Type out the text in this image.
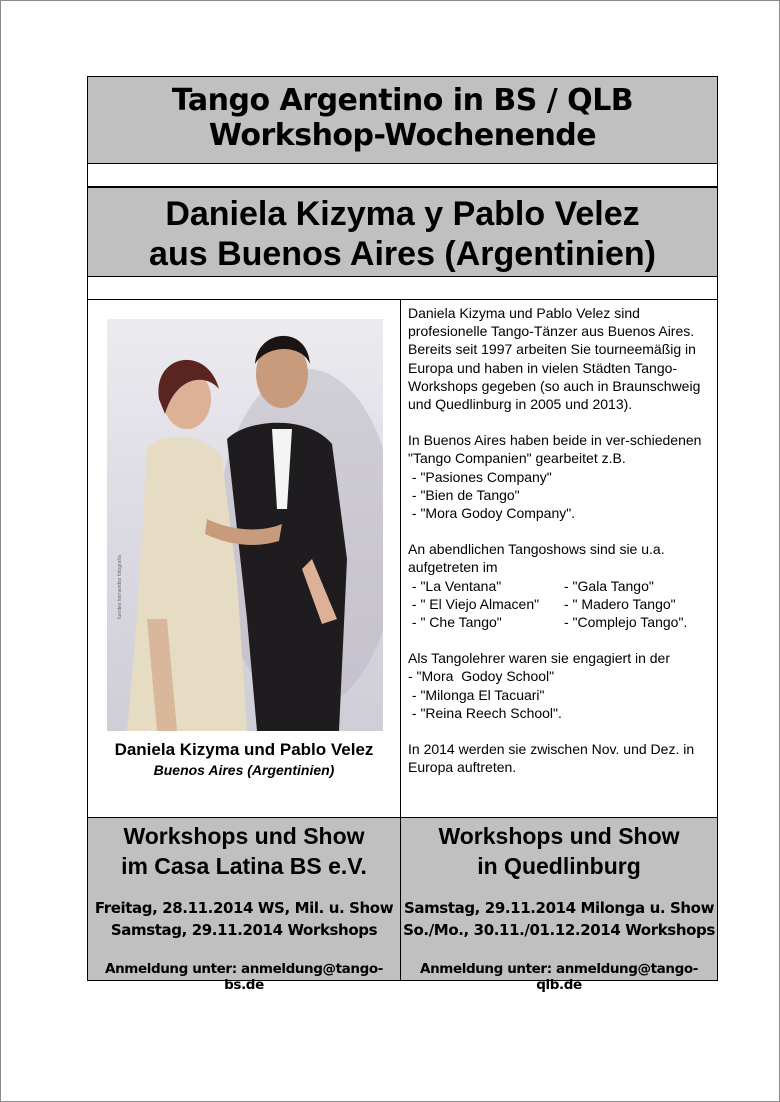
Tango Argentino in BS / QLB
Workshop-Wochenende
Daniela Kizyma y Pablo Velez
aus Buenos Aires (Argentinien)
fuentes hernandez fotografía
Daniela Kizyma und Pablo Velez
Buenos Aires (Argentinien)

Daniela Kizyma und Pablo Velez sind profesionelle Tango-Tänzer aus Buenos Aires. Bereits seit 1997 arbeiten Sie tourneemäßig in Europa und haben in vielen Städten Tango-Workshops gegeben (so auch in Braunschweig und Quedlinburg in 2005 und 2013).

In Buenos Aires haben beide in ver-schiedenen "Tango Companien" gearbeitet z.B.
- "Pasiones Company"
- "Bien de Tango"
- "Mora Godoy Company".

An abendlichen Tangoshows sind sie u.a. aufgetreten im
- "La Ventana"	- "Gala Tango"
- " El Viejo Almacen" - " Madero Tango"
- " Che Tango"	- "Complejo Tango".

Als Tangolehrer waren sie engagiert in der
- "Mora  Godoy School"
- "Milonga El Tacuari"
- "Reina Reech School".

In 2014 werden sie zwischen Nov. und Dez. in Europa auftreten.

Workshops und Show
im Casa Latina BS e.V.
Freitag, 28.11.2014 WS, Mil. u. Show
Samstag, 29.11.2014 Workshops
Anmeldung unter: anmeldung@tango-bs.de
Workshops und Show
in Quedlinburg
Samstag, 29.11.2014 Milonga u. Show
So./Mo., 30.11./01.12.2014 Workshops
Anmeldung unter: anmeldung@tango-qlb.de
